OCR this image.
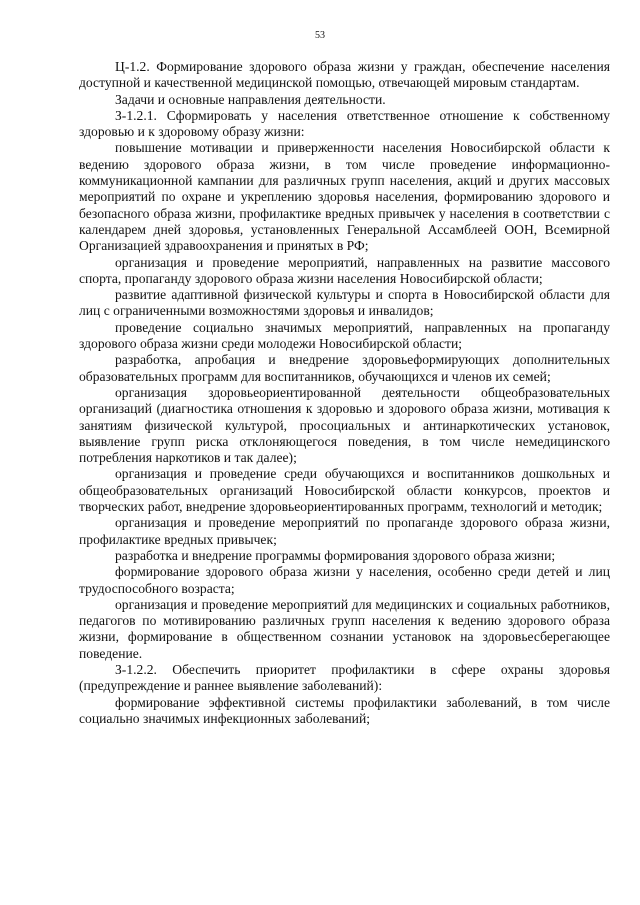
53

Ц-1.2. Формирование здорового образа жизни у граждан, обеспечение населения доступной и качественной медицинской помощью, отвечающей мировым стандартам.

Задачи и основные направления деятельности.

З-1.2.1. Сформировать у населения ответственное отношение к собственному здоровью и к здоровому образу жизни:

повышение мотивации и приверженности населения Новосибирской области к ведению здорового образа жизни, в том числе проведение информационно-коммуникационной кампании для различных групп населения, акций и других массовых мероприятий по охране и укреплению здоровья населения, формированию здорового и безопасного образа жизни, профилактике вредных привычек у населения в соответствии с календарем дней здоровья, установленных Генеральной Ассамблеей ООН, Всемирной Организацией здравоохранения и принятых в РФ;

организация и проведение мероприятий, направленных на развитие массового спорта, пропаганду здорового образа жизни населения Новосибирской области;

развитие адаптивной физической культуры и спорта в Новосибирской области для лиц с ограниченными возможностями здоровья и инвалидов;

проведение социально значимых мероприятий, направленных на пропаганду здорового образа жизни среди молодежи Новосибирской области;

разработка, апробация и внедрение здоровьеформирующих дополнительных образовательных программ для воспитанников, обучающихся и членов их семей;

организация здоровьеориентированной деятельности общеобразовательных организаций (диагностика отношения к здоровью и здорового образа жизни, мотивация к занятиям физической культурой, просоциальных и антинаркотических установок, выявление групп риска отклоняющегося поведения, в том числе немедицинского потребления наркотиков и так далее);

организация и проведение среди обучающихся и воспитанников дошкольных и общеобразовательных организаций Новосибирской области конкурсов, проектов и творческих работ, внедрение здоровьеориентированных программ, технологий и методик;

организация и проведение мероприятий по пропаганде здорового образа жизни, профилактике вредных привычек;

разработка и внедрение программы формирования здорового образа жизни;

формирование здорового образа жизни у населения, особенно среди детей и лиц трудоспособного возраста;

организация и проведение мероприятий для медицинских и социальных работников, педагогов по мотивированию различных групп населения к ведению здорового образа жизни, формирование в общественном сознании установок на здоровьесберегающее поведение.

З-1.2.2. Обеспечить приоритет профилактики в сфере охраны здоровья (предупреждение и раннее выявление заболеваний):

формирование эффективной системы профилактики заболеваний, в том числе социально значимых инфекционных заболеваний;
